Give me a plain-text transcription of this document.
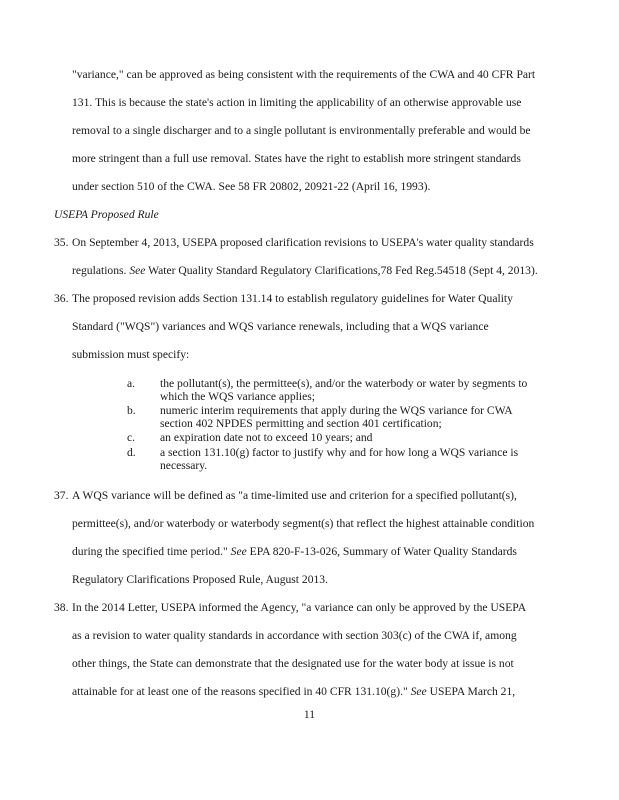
"variance," can be approved as being consistent with the requirements of the CWA and 40 CFR Part
131. This is because the state's action in limiting the applicability of an otherwise approvable use
removal to a single discharger and to a single pollutant is environmentally preferable and would be
more stringent than a full use removal. States have the right to establish more stringent standards
under section 510 of the CWA. See 58 FR 20802, 20921-22 (April 16, 1993).
USEPA Proposed Rule
35. On September 4, 2013, USEPA proposed clarification revisions to USEPA's water quality standards
regulations. See Water Quality Standard Regulatory Clarifications,78 Fed Reg.54518 (Sept 4, 2013).
36. The proposed revision adds Section 131.14 to establish regulatory guidelines for Water Quality
Standard ("WQS") variances and WQS variance renewals, including that a WQS variance
submission must specify:
a. the pollutant(s), the permittee(s), and/or the waterbody or water by segments to
which the WQS variance applies;
b. numeric interim requirements that apply during the WQS variance for CWA
section 402 NPDES permitting and section 401 certification;
c. an expiration date not to exceed 10 years; and
d. a section 131.10(g) factor to justify why and for how long a WQS variance is
necessary.
37. A WQS variance will be defined as "a time-limited use and criterion for a specified pollutant(s),
permittee(s), and/or waterbody or waterbody segment(s) that reflect the highest attainable condition
during the specified time period." See EPA 820-F-13-026, Summary of Water Quality Standards
Regulatory Clarifications Proposed Rule, August 2013.
38. In the 2014 Letter, USEPA informed the Agency, "a variance can only be approved by the USEPA
as a revision to water quality standards in accordance with section 303(c) of the CWA if, among
other things, the State can demonstrate that the designated use for the water body at issue is not
attainable for at least one of the reasons specified in 40 CFR 131.10(g)." See USEPA March 21,
11
